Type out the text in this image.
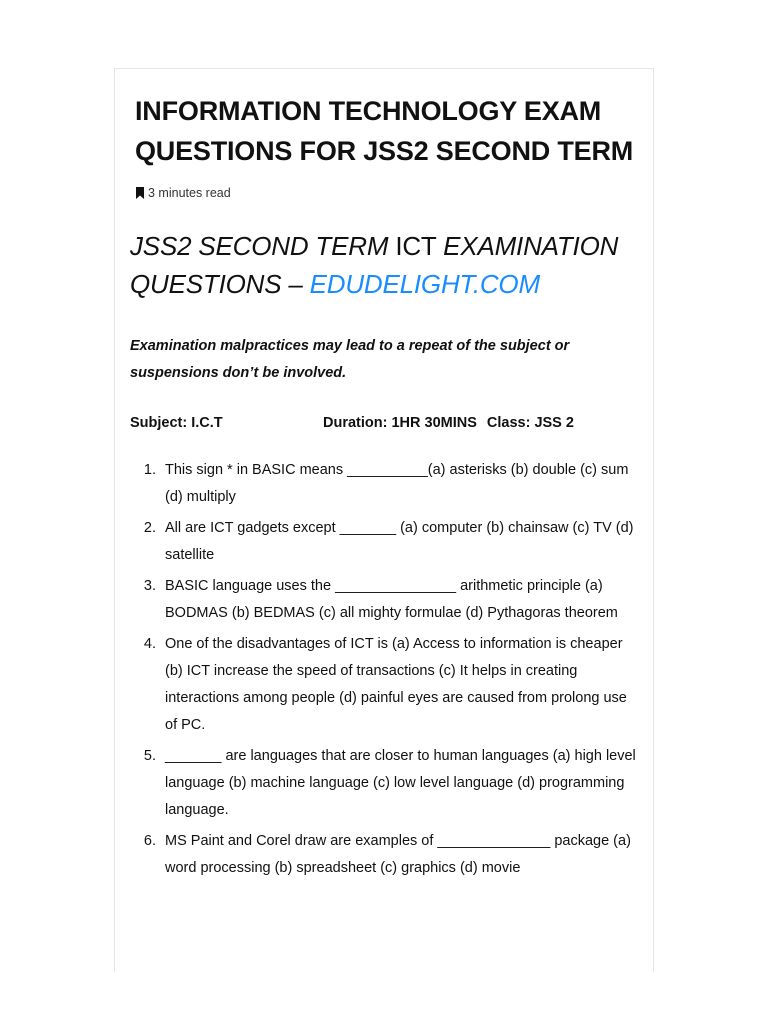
INFORMATION TECHNOLOGY EXAM QUESTIONS FOR JSS2 SECOND TERM
3 minutes read
JSS2 SECOND TERM ICT EXAMINATION QUESTIONS – EDUDELIGHT.COM

Examination malpractices may lead to a repeat of the subject or suspensions don’t be involved.

Subject: I.C.T	Duration: 1HR 30MINS Class: JSS 2
1. This sign * in BASIC means __________(a) asterisks (b) double (c) sum (d) multiply
2. All are ICT gadgets except _______ (a) computer (b) chainsaw (c) TV (d) satellite
3. BASIC language uses the _______________ arithmetic principle (a) BODMAS (b) BEDMAS (c) all mighty formulae (d) Pythagoras theorem
4. One of the disadvantages of ICT is (a) Access to information is cheaper (b) ICT increase the speed of transactions (c) It helps in creating interactions among people (d) painful eyes are caused from prolong use of PC.
5. _______ are languages that are closer to human languages (a) high level language (b) machine language (c) low level language (d) programming language.
6. MS Paint and Corel draw are examples of ______________ package (a) word processing (b) spreadsheet (c) graphics (d) movie
